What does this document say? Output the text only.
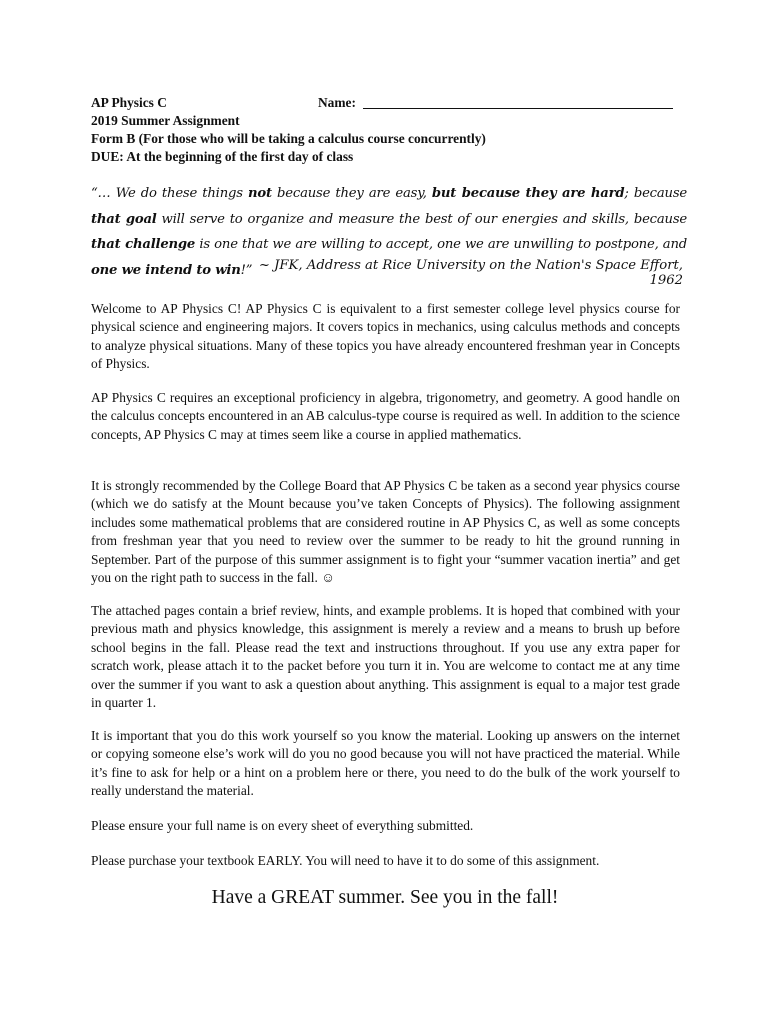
AP Physics C	Name:
2019 Summer Assignment
Form B (For those who will be taking a calculus course concurrently)
DUE: At the beginning of the first day of class
“… We do these things not because they are easy, but because they are hard; because that goal will serve to organize and measure the best of our energies and skills, because that challenge is one that we are willing to accept, one we are unwilling to postpone, and one we intend to win!” ~ JFK, Address at Rice University on the Nation's Space Effort, 1962

Welcome to AP Physics C! AP Physics C is equivalent to a first semester college level physics course for physical science and engineering majors. It covers topics in mechanics, using calculus methods and concepts to analyze physical situations. Many of these topics you have already encountered freshman year in Concepts of Physics.

AP Physics C requires an exceptional proficiency in algebra, trigonometry, and geometry. A good handle on the calculus concepts encountered in an AB calculus-type course is required as well. In addition to the science concepts, AP Physics C may at times seem like a course in applied mathematics.

It is strongly recommended by the College Board that AP Physics C be taken as a second year physics course (which we do satisfy at the Mount because you’ve taken Concepts of Physics). The following assignment includes some mathematical problems that are considered routine in AP Physics C, as well as some concepts from freshman year that you need to review over the summer to be ready to hit the ground running in September. Part of the purpose of this summer assignment is to fight your “summer vacation inertia” and get you on the right path to success in the fall. ☺

The attached pages contain a brief review, hints, and example problems. It is hoped that combined with your previous math and physics knowledge, this assignment is merely a review and a means to brush up before school begins in the fall. Please read the text and instructions throughout. If you use any extra paper for scratch work, please attach it to the packet before you turn it in. You are welcome to contact me at any time over the summer if you want to ask a question about anything. This assignment is equal to a major test grade in quarter 1.

It is important that you do this work yourself so you know the material. Looking up answers on the internet or copying someone else’s work will do you no good because you will not have practiced the material. While it’s fine to ask for help or a hint on a problem here or there, you need to do the bulk of the work yourself to really understand the material.

Please ensure your full name is on every sheet of everything submitted.

Please purchase your textbook EARLY. You will need to have it to do some of this assignment.

Have a GREAT summer. See you in the fall!
